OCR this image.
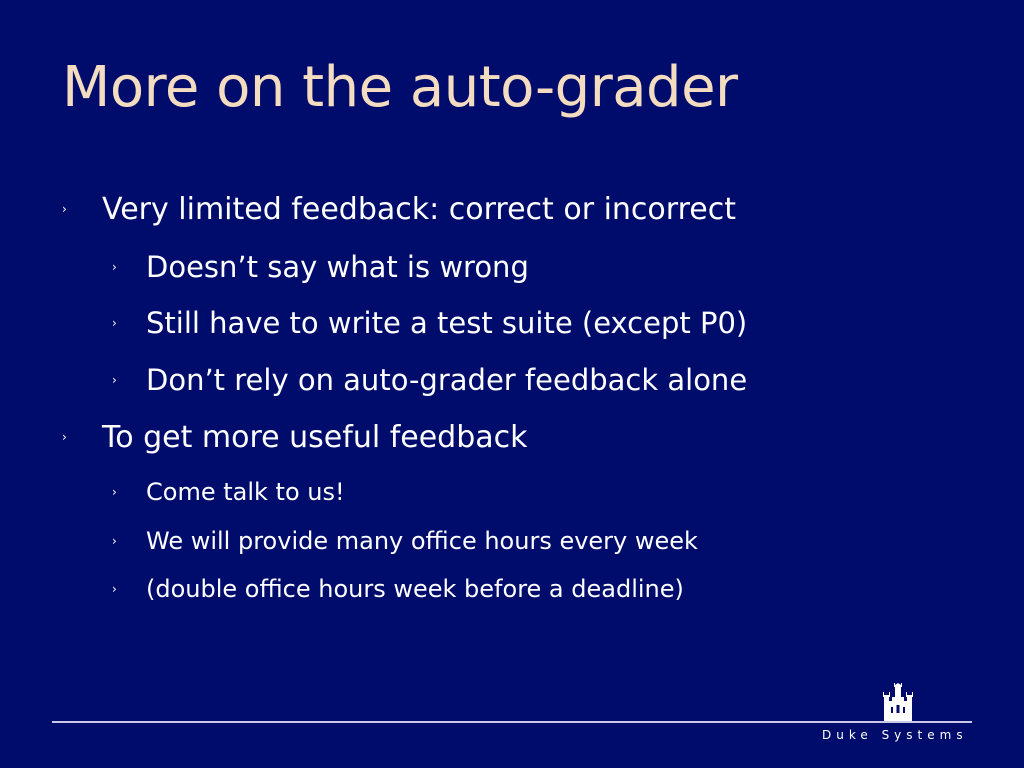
More on the auto-grader
› Very limited feedback: correct or incorrect
› Doesn’t say what is wrong
› Still have to write a test suite (except P0)
› Don’t rely on auto-grader feedback alone
› To get more useful feedback
› Come talk to us!
› We will provide many office hours every week
› (double office hours week before a deadline)
Duke Systems
